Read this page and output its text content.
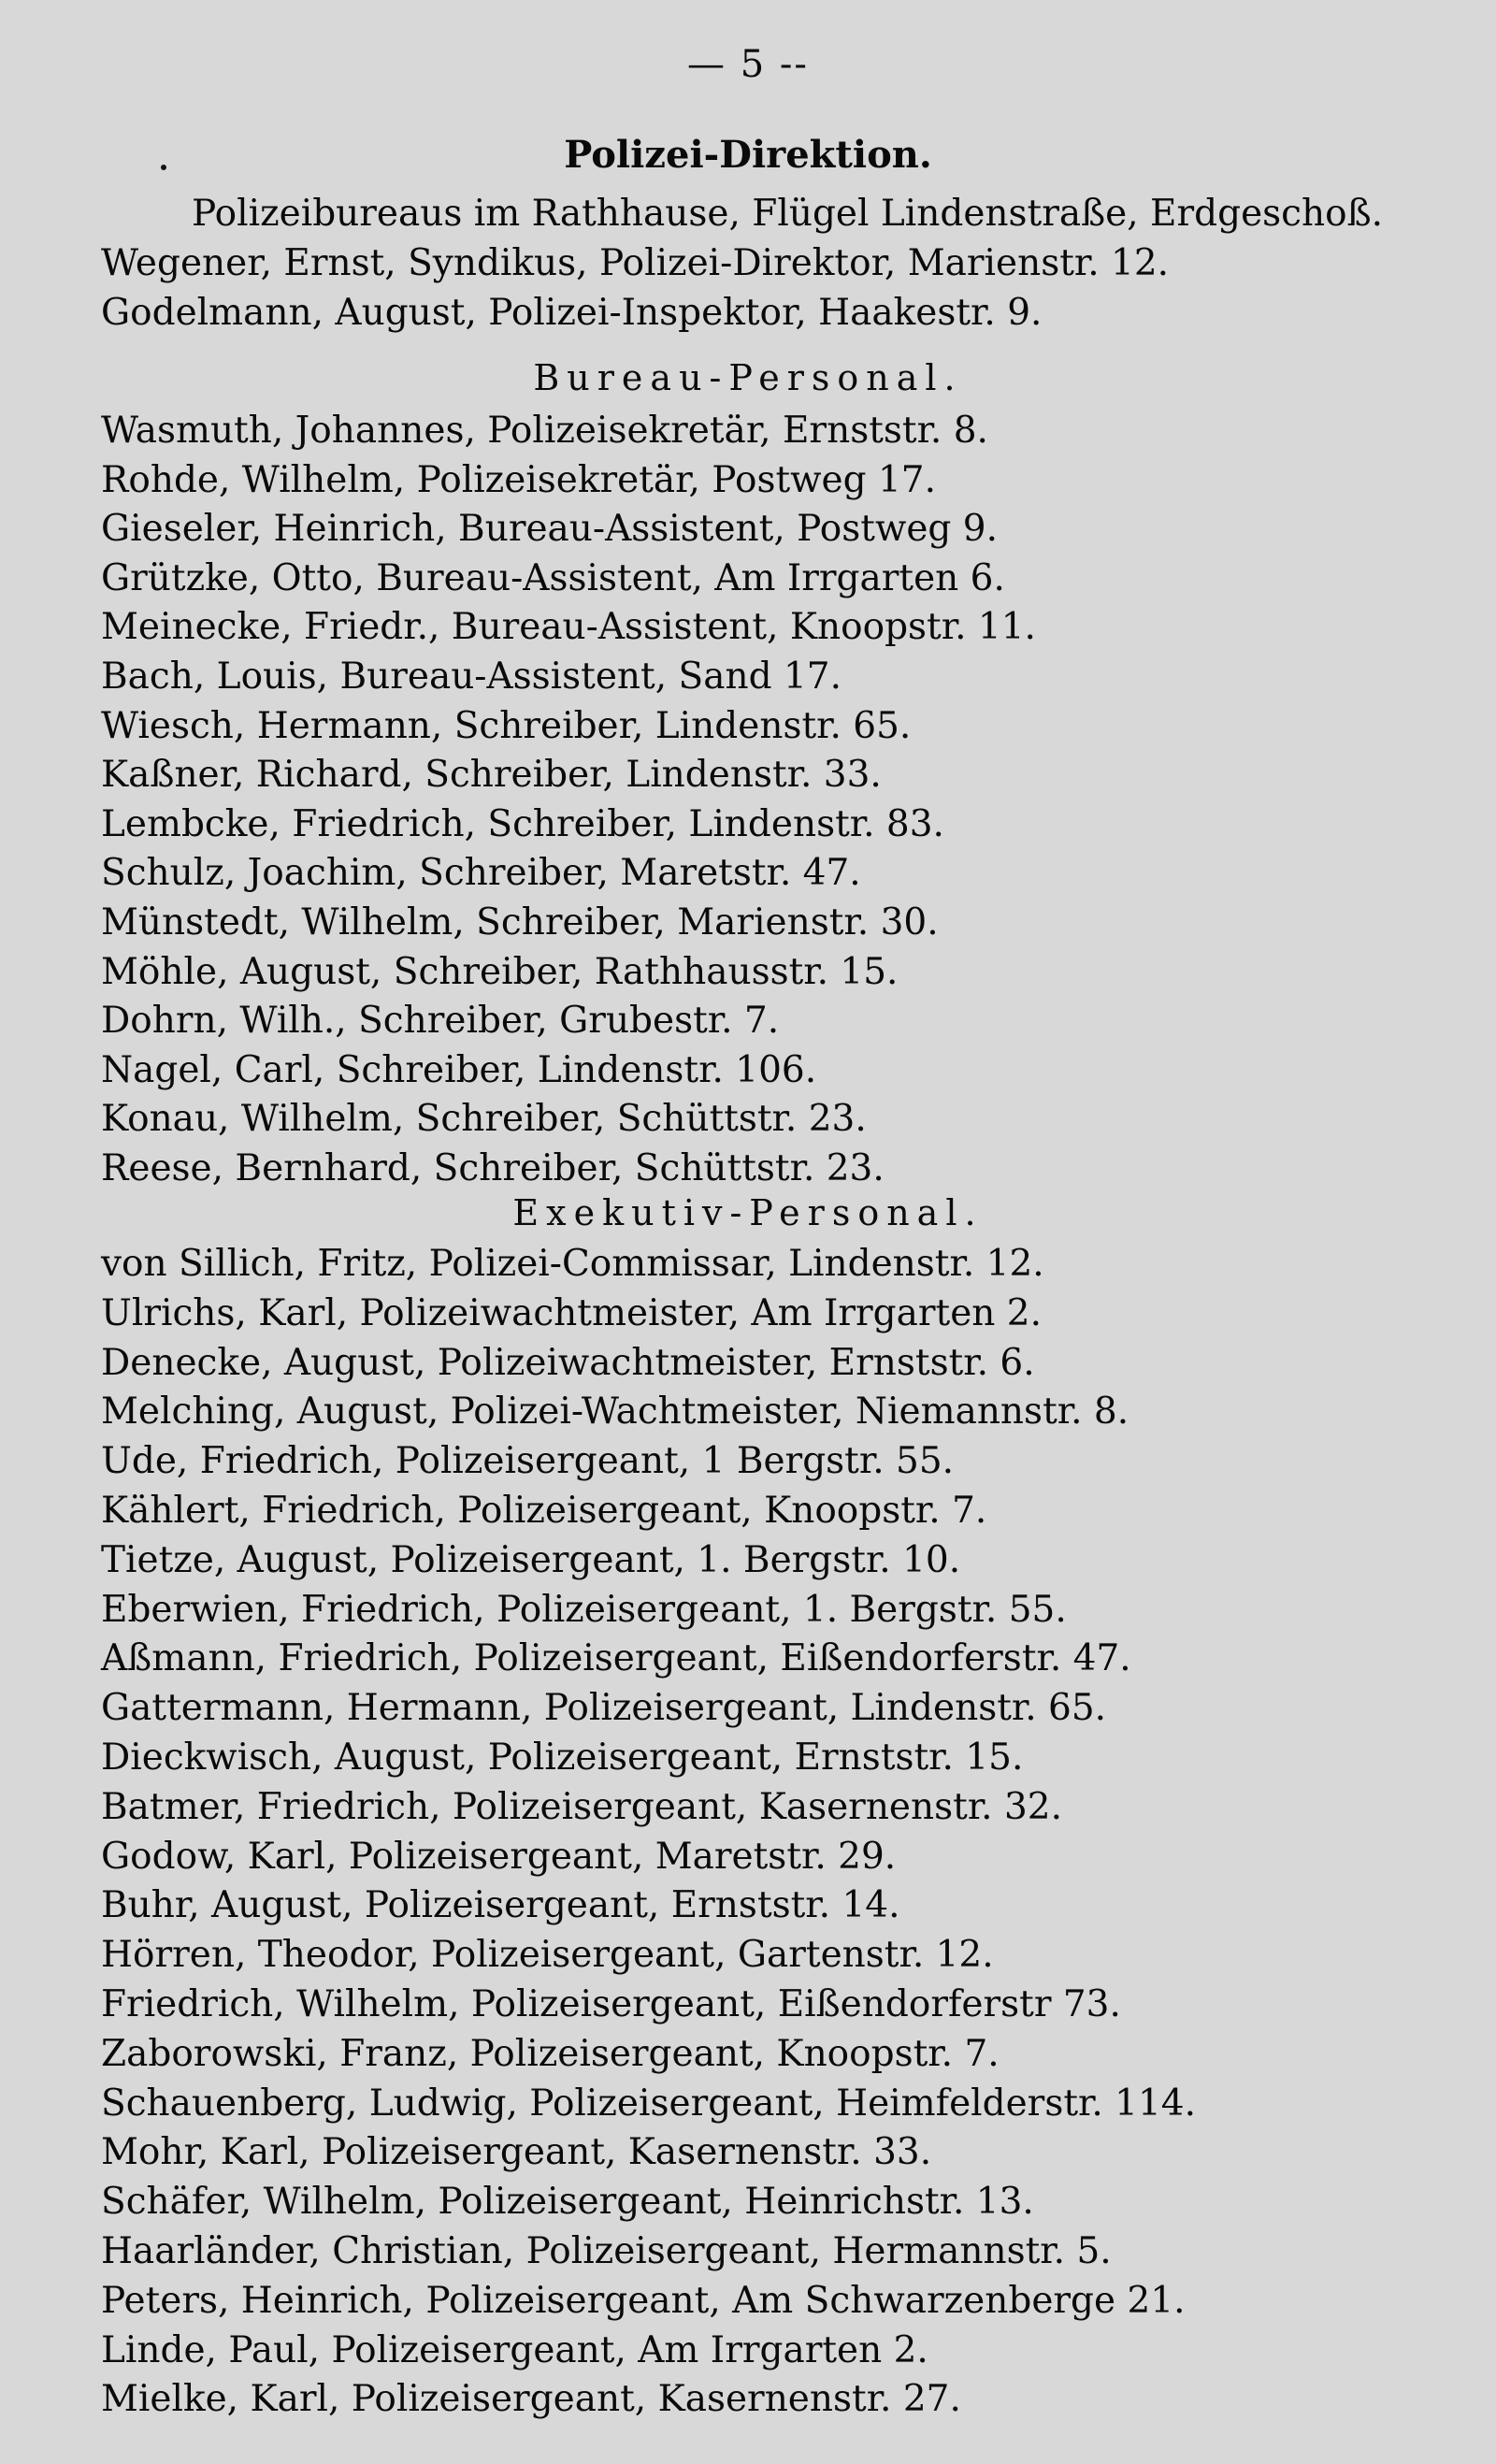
— 5 --
Polizei-Direktion.
Polizeibureaus im Rathhause, Flügel Lindenstraße, Erdgeschoß.
Wegener, Ernst, Syndikus, Polizei-Direktor, Marienstr. 12.
Godelmann, August, Polizei-Inspektor, Haakestr. 9.
Bureau-Personal.
Wasmuth, Johannes, Polizeisekretär, Ernststr. 8.
Rohde, Wilhelm, Polizeisekretär, Postweg 17.
Gieseler, Heinrich, Bureau-Assistent, Postweg 9.
Grützke, Otto, Bureau-Assistent, Am Irrgarten 6.
Meinecke, Friedr., Bureau-Assistent, Knoopstr. 11.
Bach, Louis, Bureau-Assistent, Sand 17.
Wiesch, Hermann, Schreiber, Lindenstr. 65.
Kaßner, Richard, Schreiber, Lindenstr. 33.
Lembcke, Friedrich, Schreiber, Lindenstr. 83.
Schulz, Joachim, Schreiber, Maretstr. 47.
Münstedt, Wilhelm, Schreiber, Marienstr. 30.
Möhle, August, Schreiber, Rathhausstr. 15.
Dohrn, Wilh., Schreiber, Grubestr. 7.
Nagel, Carl, Schreiber, Lindenstr. 106.
Konau, Wilhelm, Schreiber, Schüttstr. 23.
Reese, Bernhard, Schreiber, Schüttstr. 23.
Exekutiv-Personal.
von Sillich, Fritz, Polizei-Commissar, Lindenstr. 12.
Ulrichs, Karl, Polizeiwachtmeister, Am Irrgarten 2.
Denecke, August, Polizeiwachtmeister, Ernststr. 6.
Melching, August, Polizei-Wachtmeister, Niemannstr. 8.
Ude, Friedrich, Polizeisergeant, 1 Bergstr. 55.
Kählert, Friedrich, Polizeisergeant, Knoopstr. 7.
Tietze, August, Polizeisergeant, 1. Bergstr. 10.
Eberwien, Friedrich, Polizeisergeant, 1. Bergstr. 55.
Aßmann, Friedrich, Polizeisergeant, Eißendorferstr. 47.
Gattermann, Hermann, Polizeisergeant, Lindenstr. 65.
Dieckwisch, August, Polizeisergeant, Ernststr. 15.
Batmer, Friedrich, Polizeisergeant, Kasernenstr. 32.
Godow, Karl, Polizeisergeant, Maretstr. 29.
Buhr, August, Polizeisergeant, Ernststr. 14.
Hörren, Theodor, Polizeisergeant, Gartenstr. 12.
Friedrich, Wilhelm, Polizeisergeant, Eißendorferstr 73.
Zaborowski, Franz, Polizeisergeant, Knoopstr. 7.
Schauenberg, Ludwig, Polizeisergeant, Heimfelderstr. 114.
Mohr, Karl, Polizeisergeant, Kasernenstr. 33.
Schäfer, Wilhelm, Polizeisergeant, Heinrichstr. 13.
Haarländer, Christian, Polizeisergeant, Hermannstr. 5.
Peters, Heinrich, Polizeisergeant, Am Schwarzenberge 21.
Linde, Paul, Polizeisergeant, Am Irrgarten 2.
Mielke, Karl, Polizeisergeant, Kasernenstr. 27.
